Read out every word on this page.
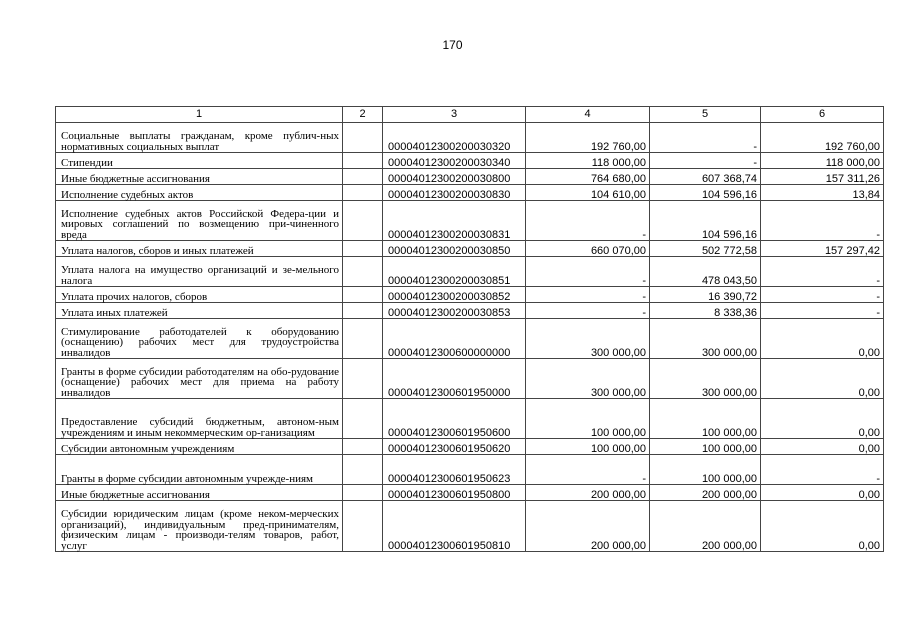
170
1	2	3	4	5	6
Социальные выплаты гражданам, кроме публич-ных нормативных социальных выплат		00004012300200030320	192 760,00	-	192 760,00
Стипендии		00004012300200030340	118 000,00	-	118 000,00
Иные бюджетные ассигнования		00004012300200030800	764 680,00	607 368,74	157 311,26
Исполнение судебных актов		00004012300200030830	104 610,00	104 596,16	13,84
Исполнение судебных актов Российской Федера-ции и мировых соглашений по возмещению при-чиненного вреда		00004012300200030831	-	104 596,16	-
Уплата налогов, сборов и иных платежей		00004012300200030850	660 070,00	502 772,58	157 297,42
Уплата налога на имущество организаций и зе-мельного налога		00004012300200030851	-	478 043,50	-
Уплата прочих налогов, сборов		00004012300200030852	-	16 390,72	-
Уплата иных платежей		00004012300200030853	-	8 338,36	-
Стимулирование работодателей к оборудованию (оснащению) рабочих мест для трудоустройства инвалидов		00004012300600000000	300 000,00	300 000,00	0,00
Гранты в форме субсидии работодателям на обо-рудование (оснащение) рабочих мест для приема на работу инвалидов		00004012300601950000	300 000,00	300 000,00	0,00
Предоставление субсидий бюджетным, автоном-ным учреждениям и иным некоммерческим ор-ганизациям		00004012300601950600	100 000,00	100 000,00	0,00
Субсидии автономным учреждениям		00004012300601950620	100 000,00	100 000,00	0,00
Гранты в форме субсидии автономным учрежде-ниям		00004012300601950623	-	100 000,00	-
Иные бюджетные ассигнования		00004012300601950800	200 000,00	200 000,00	0,00
Субсидии юридическим лицам (кроме неком-мерческих организаций), индивидуальным пред-принимателям, физическим лицам - производи-телям товаров, работ, услуг		00004012300601950810	200 000,00	200 000,00	0,00
